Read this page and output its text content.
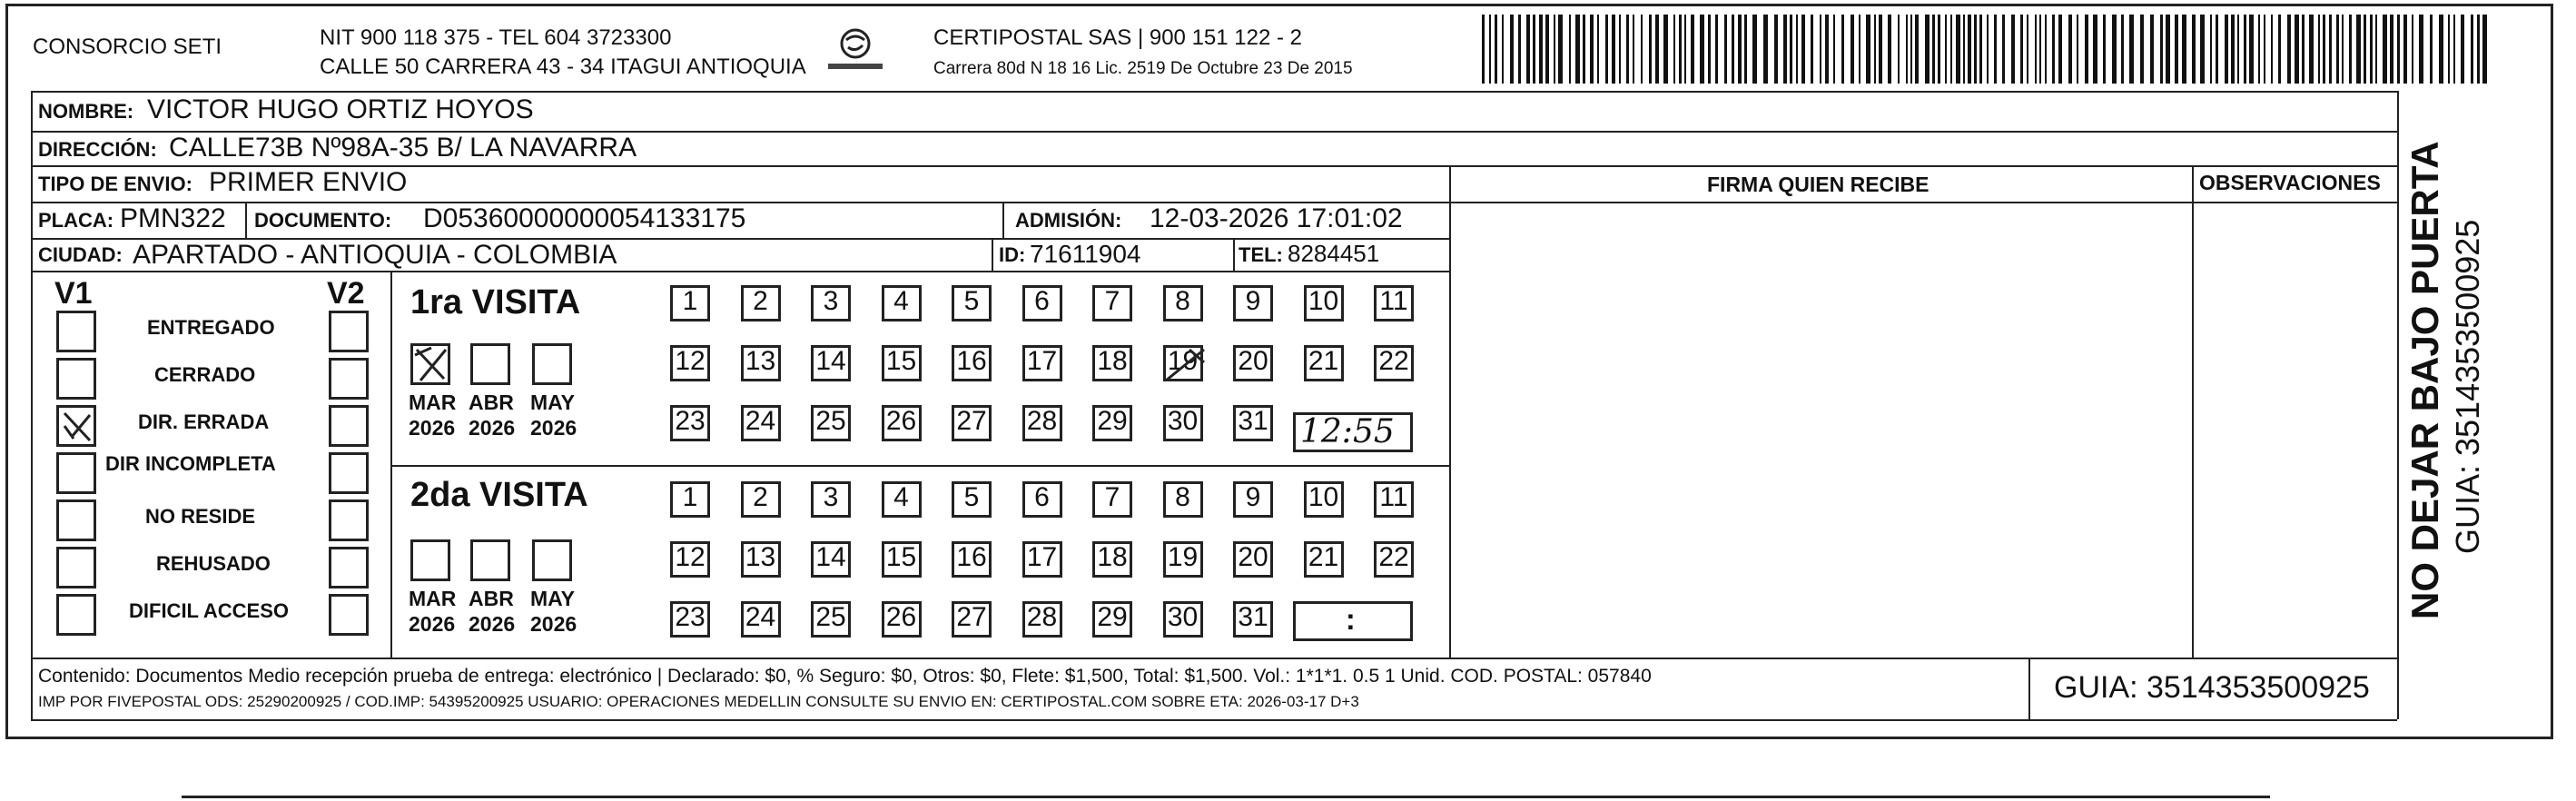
CONSORCIO SETI	NIT 900 118 375 - TEL 604 3723300
CALLE 50 CARRERA 43 - 34 ITAGUI ANTIOQUIA
CERTIPOSTAL SAS | 900 151 122 - 2
Carrera 80d N 18 16 Lic. 2519 De Octubre 23 De 2015
NOMBRE: VICTOR HUGO ORTIZ HOYOS
DIRECCIÓN: CALLE73B Nº98A-35 B/ LA NAVARRA
TIPO DE ENVIO: PRIMER ENVIO
PLACA: PMN322 DOCUMENTO: D05360000000054133175	ADMISIÓN: 12-03-2026 17:01:02
CIUDAD: APARTADO - ANTIOQUIA - COLOMBIA	ID: 71611904	TEL: 8284451
FIRMA QUIEN RECIBE	OBSERVACIONES
V1	V2
ENTREGADO
CERRADO
DIR. ERRADA
DIR INCOMPLETA
NO RESIDE
REHUSADO
DIFICIL ACCESO
1ra VISITA
MAR
2026
ABR
2026
MAY
2026
1 2 3 4 5 6 7 8 9 10 11
12 13 14 15 16 17 18 19 20 21 22
23 24 25 26 27 28 29 30 31 12:55
2da VISITA
MAR
2026
ABR
2026
MAY
2026
1 2 3 4 5 6 7 8 9 10 11
12 13 14 15 16 17 18 19 20 21 22
23 24 25 26 27 28 29 30 31	:
Contenido: Documentos Medio recepción prueba de entrega: electrónico | Declarado: $0, % Seguro: $0, Otros: $0, Flete: $1,500, Total: $1,500. Vol.: 1*1*1. 0.5 1 Unid. COD. POSTAL: 057840
IMP POR FIVEPOSTAL ODS: 25290200925 / COD.IMP: 54395200925 USUARIO: OPERACIONES MEDELLIN CONSULTE SU ENVIO EN: CERTIPOSTAL.COM SOBRE ETA: 2026-03-17 D+3	GUIA: 3514353500925
NO DEJAR BAJO PUERTA GUIA: 3514353500925
